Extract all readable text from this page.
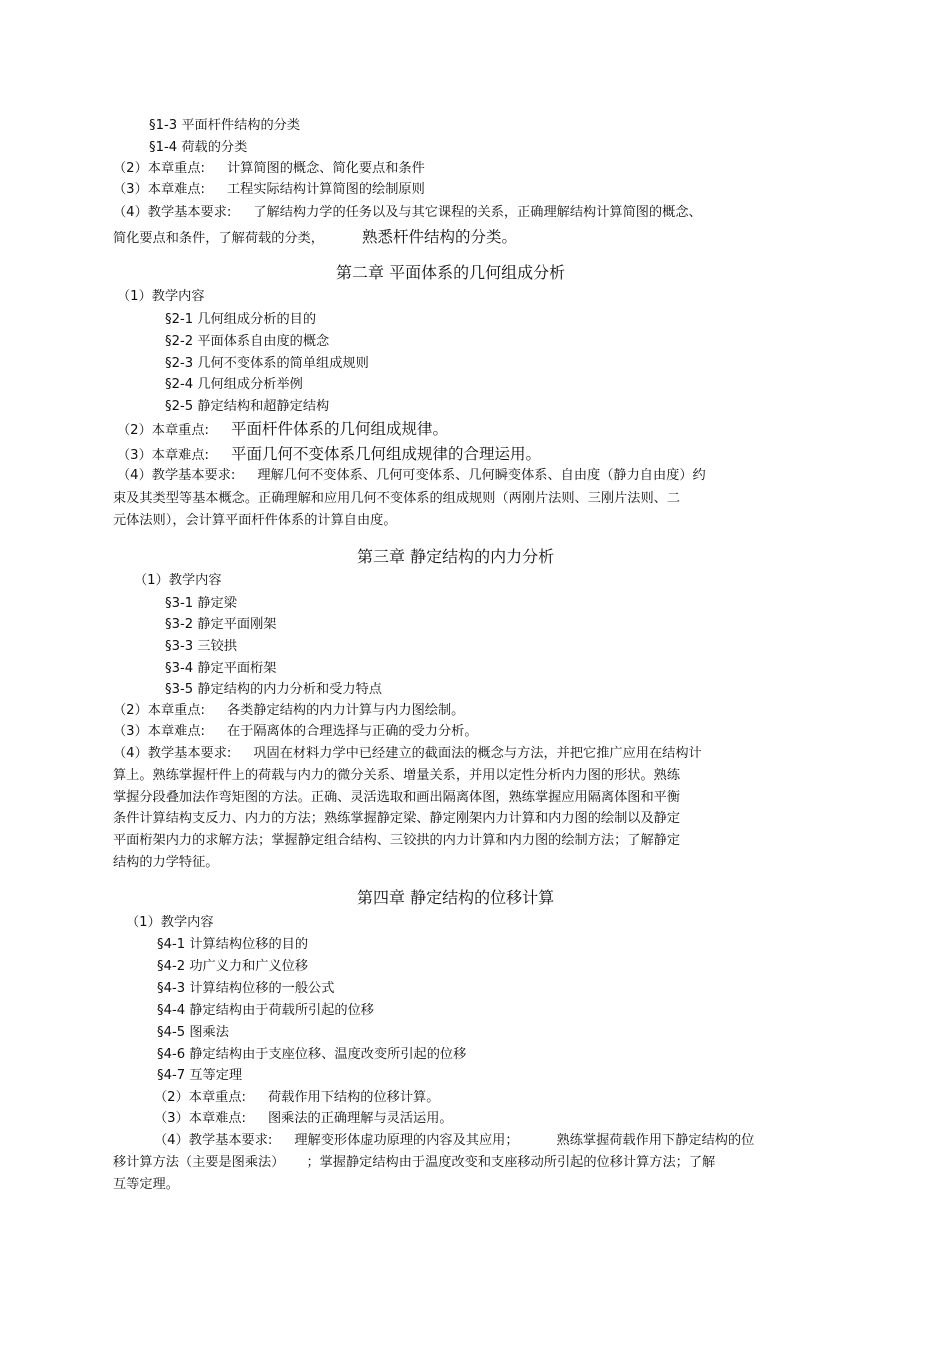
§1-3 平面杆件结构的分类
§1-4 荷载的分类
（2）本章重点: 计算简图的概念、简化要点和条件
（3）本章难点: 工程实际结构计算简图的绘制原则
（4）教学基本要求: 了解结构力学的任务以及与其它课程的关系，正确理解结构计算简图的概念、
简化要点和条件，了解荷载的分类， 熟悉杆件结构的分类。
第二章 平面体系的几何组成分析
（1）教学内容
§2-1 几何组成分析的目的
§2-2 平面体系自由度的概念
§2-3 几何不变体系的简单组成规则
§2-4 几何组成分析举例
§2-5 静定结构和超静定结构
（2）本章重点: 平面杆件体系的几何组成规律。
（3）本章难点: 平面几何不变体系几何组成规律的合理运用。
（4）教学基本要求: 理解几何不变体系、几何可变体系、几何瞬变体系、自由度（静力自由度）约
束及其类型等基本概念。正确理解和应用几何不变体系的组成规则（两刚片法则、三刚片法则、二
元体法则），会计算平面杆件体系的计算自由度。
第三章 静定结构的内力分析
（1）教学内容
§3-1 静定梁
§3-2 静定平面刚架
§3-3 三铰拱
§3-4 静定平面桁架
§3-5 静定结构的内力分析和受力特点
（2）本章重点: 各类静定结构的内力计算与内力图绘制。
（3）本章难点: 在于隔离体的合理选择与正确的受力分析。
（4）教学基本要求: 巩固在材料力学中已经建立的截面法的概念与方法，并把它推广应用在结构计
算上。熟练掌握杆件上的荷载与内力的微分关系、增量关系，并用以定性分析内力图的形状。熟练
掌握分段叠加法作弯矩图的方法。正确、灵活选取和画出隔离体图，熟练掌握应用隔离体图和平衡
条件计算结构支反力、内力的方法；熟练掌握静定梁、静定刚架内力计算和内力图的绘制以及静定
平面桁架内力的求解方法；掌握静定组合结构、三铰拱的内力计算和内力图的绘制方法；了解静定
结构的力学特征。
第四章 静定结构的位移计算
（1）教学内容
§4-1 计算结构位移的目的
§4-2 功广义力和广义位移
§4-3 计算结构位移的一般公式
§4-4 静定结构由于荷载所引起的位移
§4-5 图乘法
§4-6 静定结构由于支座位移、温度改变所引起的位移
§4-7 互等定理
（2）本章重点: 荷载作用下结构的位移计算。
（3）本章难点: 图乘法的正确理解与灵活运用。
（4）教学基本要求: 理解变形体虚功原理的内容及其应用；	熟练掌握荷载作用下静定结构的位
移计算方法（主要是图乘法） ；掌握静定结构由于温度改变和支座移动所引起的位移计算方法；了解
互等定理。
